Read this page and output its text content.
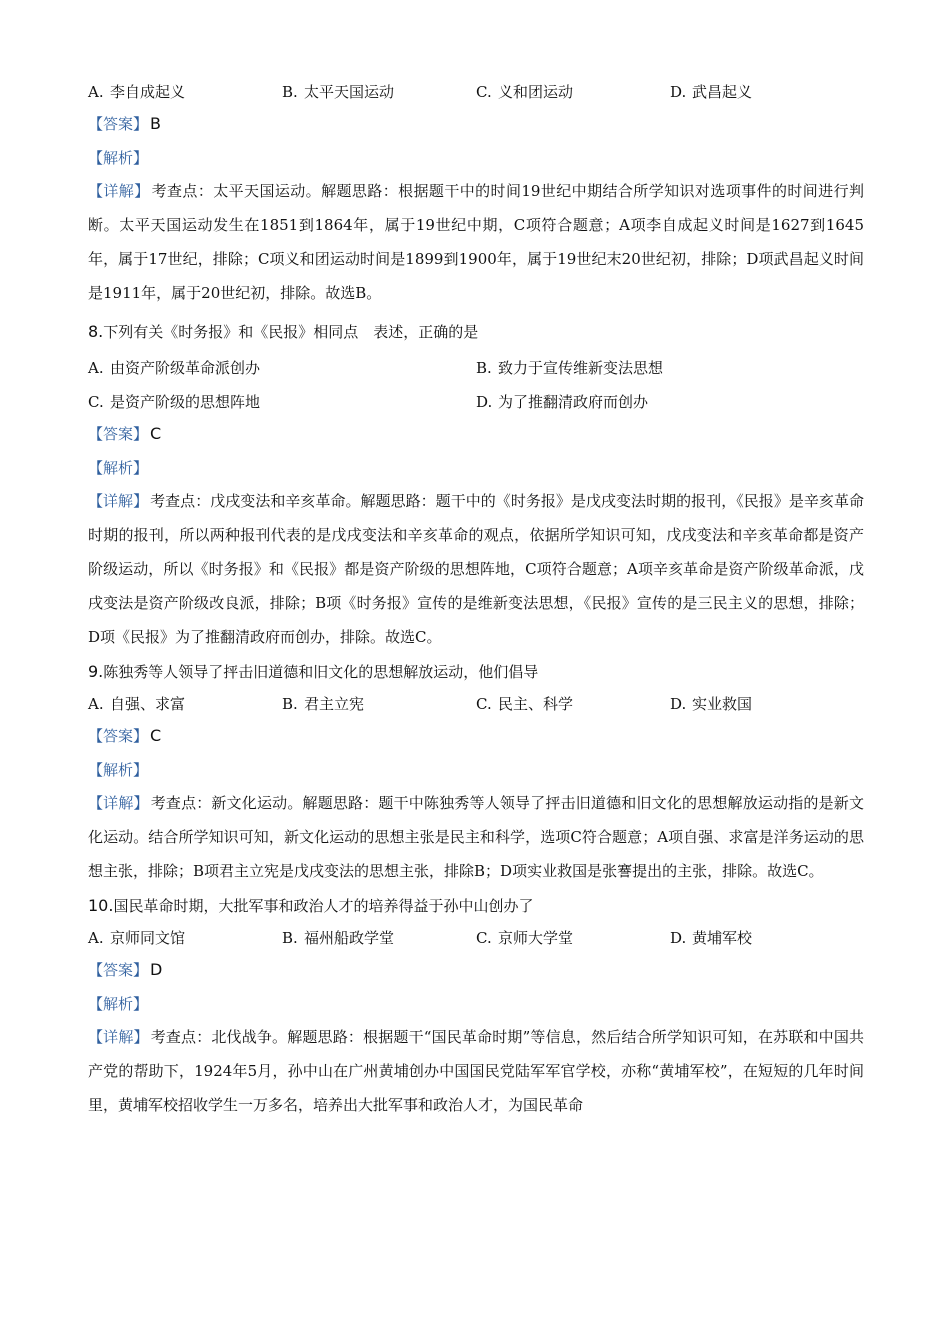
A. 李自成起义	B. 太平天国运动	C. 义和团运动	D. 武昌起义
【答案】 B
【解析】

【详解】 考查点：太平天国运动。解题思路：根据题干中的时间19世纪中期结合所学知识对选项事件的时间进行判断。太平天国运动发生在1851到1864年，属于19世纪中期，C项符合题意；A项李自成起义时间是1627到1645年，属于17世纪，排除；C项义和团运动时间是1899到1900年，属于19世纪末20世纪初，排除；D项武昌起义时间是1911年，属于20世纪初，排除。故选B。

8. 下列有关《时务报》和《民报》相同点　表述，正确的是
A. 由资产阶级革命派创办	B. 致力于宣传维新变法思想
C. 是资产阶级的思想阵地	D. 为了推翻清政府而创办
【答案】 C
【解析】

【详解】 考查点：戊戌变法和辛亥革命。解题思路：题干中的《时务报》是戊戌变法时期的报刊，《民报》是辛亥革命时期的报刊，所以两种报刊代表的是戊戌变法和辛亥革命的观点，依据所学知识可知，戊戌变法和辛亥革命都是资产阶级运动，所以《时务报》和《民报》都是资产阶级的思想阵地，C项符合题意；A项辛亥革命是资产阶级革命派，戊戌变法是资产阶级改良派，排除；B项《时务报》宣传的是维新变法思想，《民报》宣传的是三民主义的思想，排除；D项《民报》为了推翻清政府而创办，排除。故选C。

9. 陈独秀等人领导了抨击旧道德和旧文化的思想解放运动，他们倡导
A. 自强、求富	B. 君主立宪	C. 民主、科学	D. 实业救国
【答案】 C
【解析】

【详解】 考查点：新文化运动。解题思路：题干中陈独秀等人领导了抨击旧道德和旧文化的思想解放运动指的是新文化运动。结合所学知识可知，新文化运动的思想主张是民主和科学，选项C符合题意；A项自强、求富是洋务运动的思想主张，排除；B项君主立宪是戊戌变法的思想主张，排除B；D项实业救国是张謇提出的主张，排除。故选C。

10. 国民革命时期，大批军事和政治人才的培养得益于孙中山创办了
A. 京师同文馆	B. 福州船政学堂	C. 京师大学堂	D. 黄埔军校
【答案】 D
【解析】

【详解】 考查点：北伐战争。解题思路：根据题干“国民革命时期”等信息，然后结合所学知识可知，在苏联和中国共产党的帮助下，1924年5月，孙中山在广州黄埔创办中国国民党陆军军官学校，亦称“黄埔军校”，在短短的几年时间里，黄埔军校招收学生一万多名，培养出大批军事和政治人才，为国民革命
